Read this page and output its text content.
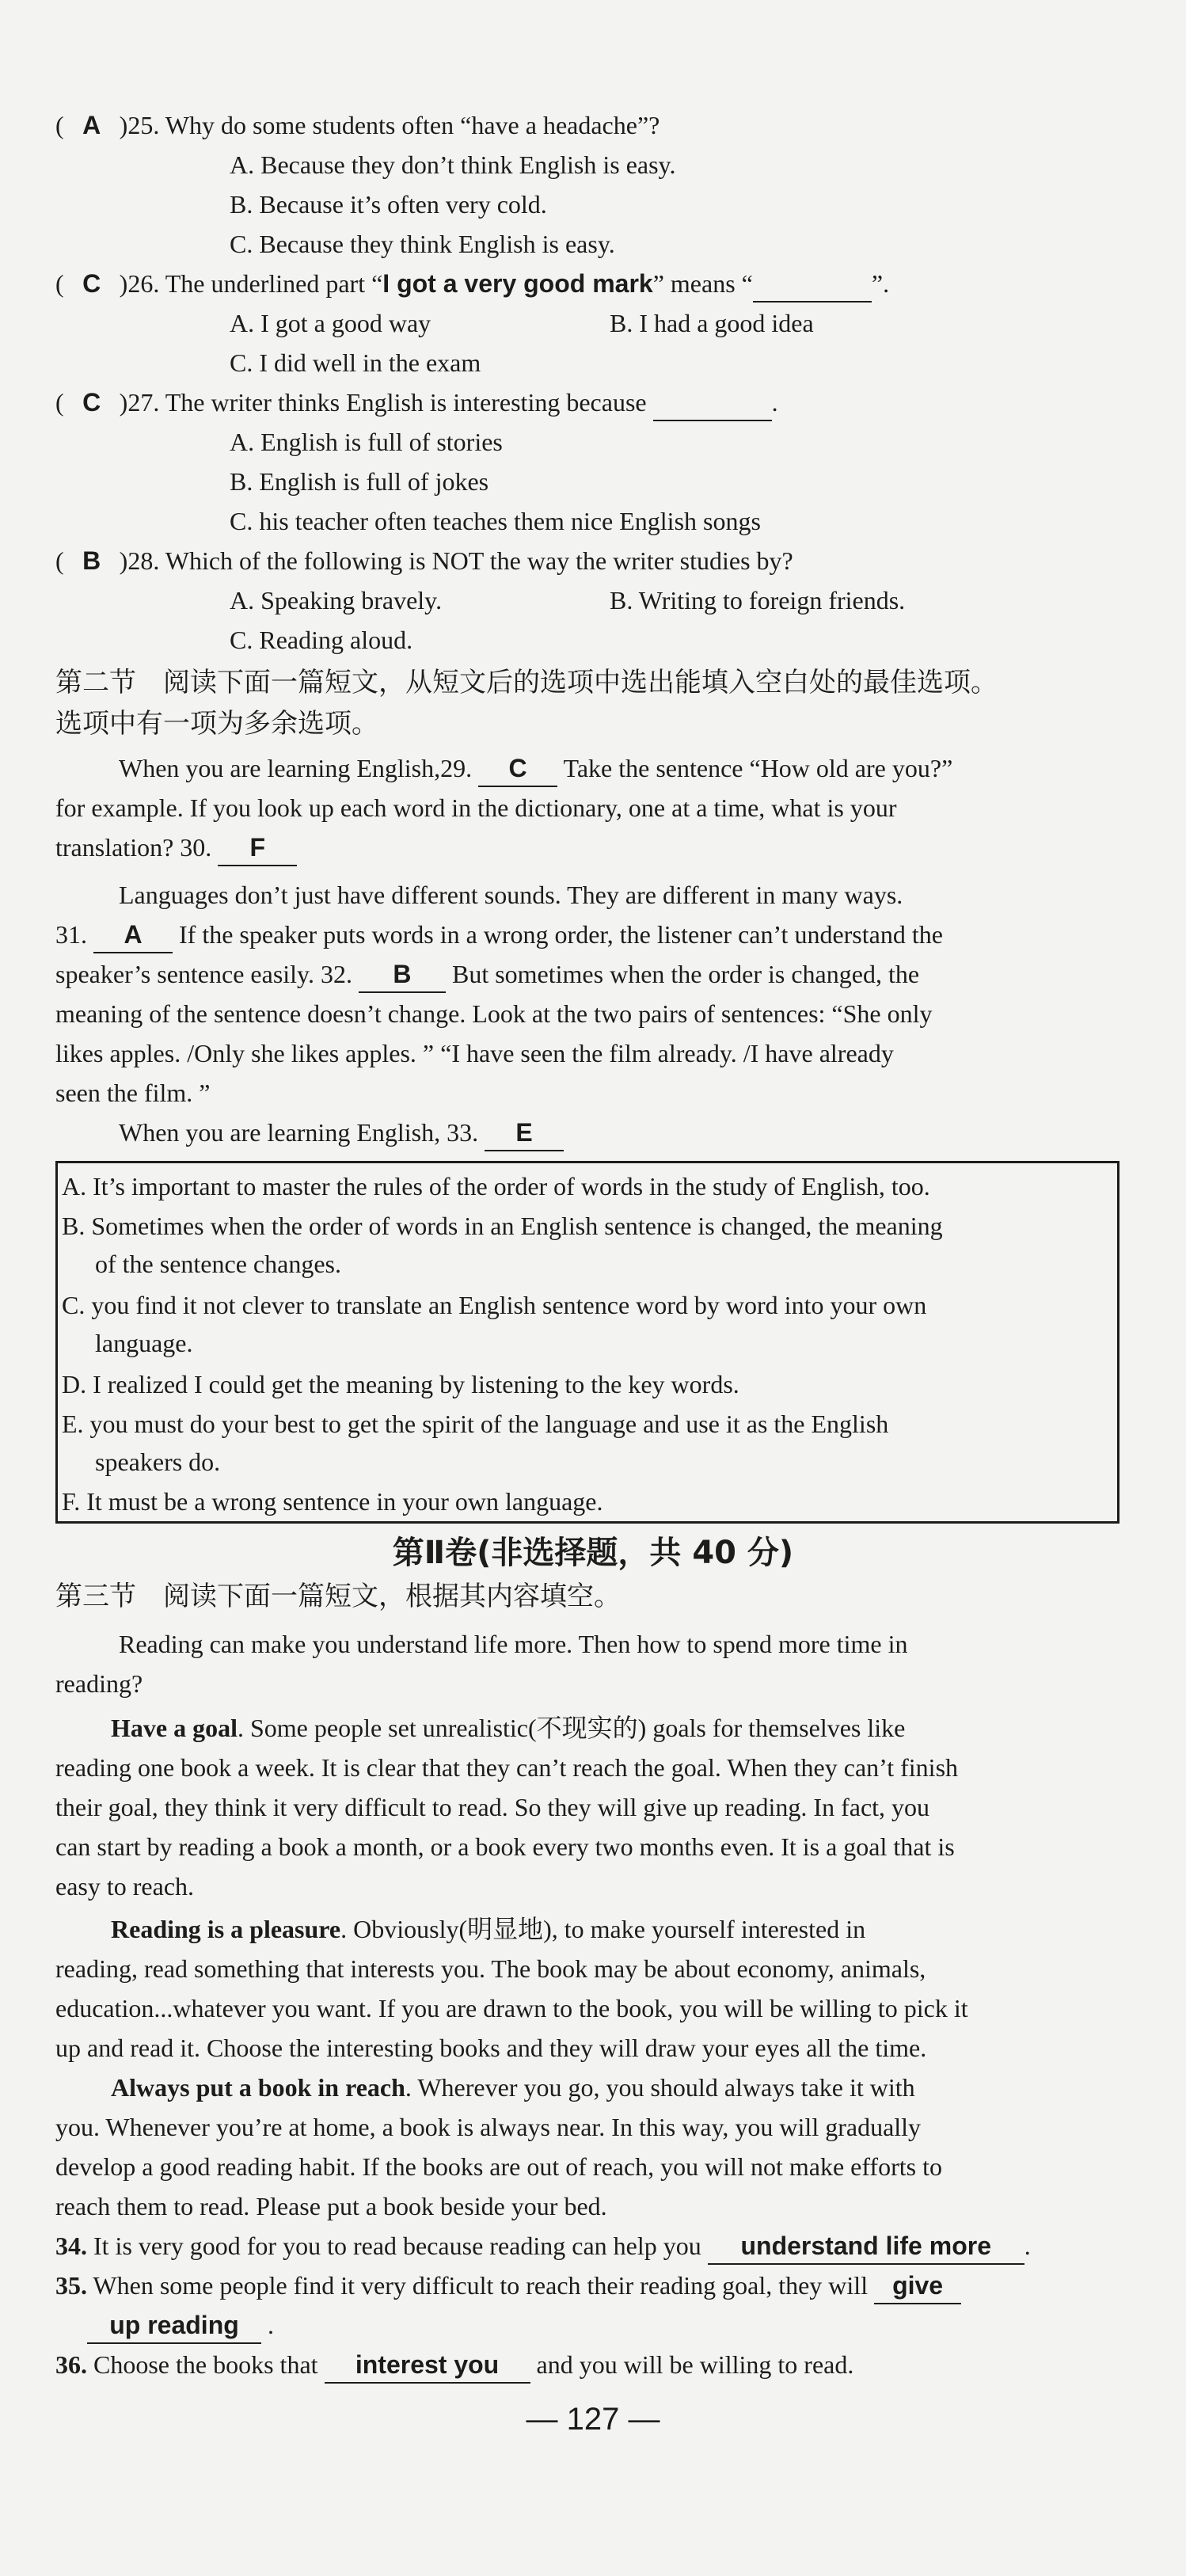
( A )25. Why do some students often “have a headache”?
A. Because they don’t think English is easy.
B. Because it’s often very cold.
C. Because they think English is easy.
( C )26. The underlined part “I got a very good mark” means “	”.
A. I got a good way	B. I had a good idea
C. I did well in the exam
( C )27. The writer thinks English is interesting because	.
A. English is full of stories
B. English is full of jokes
C. his teacher often teaches them nice English songs
( B )28. Which of the following is NOT the way the writer studies by?
A. Speaking bravely.	B. Writing to foreign friends.
C. Reading aloud.
第二节　阅读下面一篇短文，从短文后的选项中选出能填入空白处的最佳选项。
选项中有一项为多余选项。
When you are learning English,29. C Take the sentence “How old are you?”
for example. If you look up each word in the dictionary, one at a time, what is your
translation? 30. F
Languages don’t just have different sounds. They are different in many ways.
31. A If the speaker puts words in a wrong order, the listener can’t understand the
speaker’s sentence easily. 32. B But sometimes when the order is changed, the
meaning of the sentence doesn’t change. Look at the two pairs of sentences: “She only
likes apples. /Only she likes apples. ” “I have seen the film already. /I have already
seen the film. ”
When you are learning English, 33. E
A. It’s important to master the rules of the order of words in the study of English, too.
B. Sometimes when the order of words in an English sentence is changed, the meaning
of the sentence changes.
C. you find it not clever to translate an English sentence word by word into your own
language.
D. I realized I could get the meaning by listening to the key words.
E. you must do your best to get the spirit of the language and use it as the English
speakers do.
F. It must be a wrong sentence in your own language.
第Ⅱ卷(非选择题，共 40 分)
第三节　阅读下面一篇短文，根据其内容填空。
Reading can make you understand life more. Then how to spend more time in
reading?
Have a goal. Some people set unrealistic(不现实的) goals for themselves like
reading one book a week. It is clear that they can’t reach the goal. When they can’t finish
their goal, they think it very difficult to read. So they will give up reading. In fact, you
can start by reading a book a month, or a book every two months even. It is a goal that is
easy to reach.
Reading is a pleasure. Obviously(明显地), to make yourself interested in
reading, read something that interests you. The book may be about economy, animals,
education...whatever you want. If you are drawn to the book, you will be willing to pick it
up and read it. Choose the interesting books and they will draw your eyes all the time.
Always put a book in reach. Wherever you go, you should always take it with
you. Whenever you’re at home, a book is always near. In this way, you will gradually
develop a good reading habit. If the books are out of reach, you will not make efforts to
reach them to read. Please put a book beside your bed.
34. It is very good for you to read because reading can help you understand life more .
35. When some people find it very difficult to reach their reading goal, they will give
up reading .
36. Choose the books that interest you and you will be willing to read.
— 127 —
